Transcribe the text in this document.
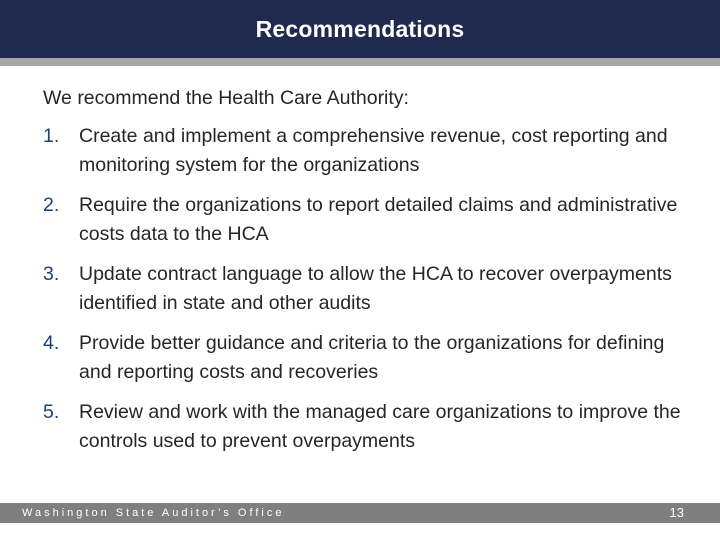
Recommendations

We recommend the Health Care Authority:

1.	Create and implement a comprehensive revenue, cost reporting and monitoring system for the organizations
2.	Require the organizations to report detailed claims and administrative costs data to the HCA
3.	Update contract language to allow the HCA to recover overpayments identified in state and other audits
4.	Provide better guidance and criteria to the organizations for defining and reporting costs and recoveries
5.	Review and work with the managed care organizations to improve the controls used to prevent overpayments
Washington State Auditor’s Office	13
